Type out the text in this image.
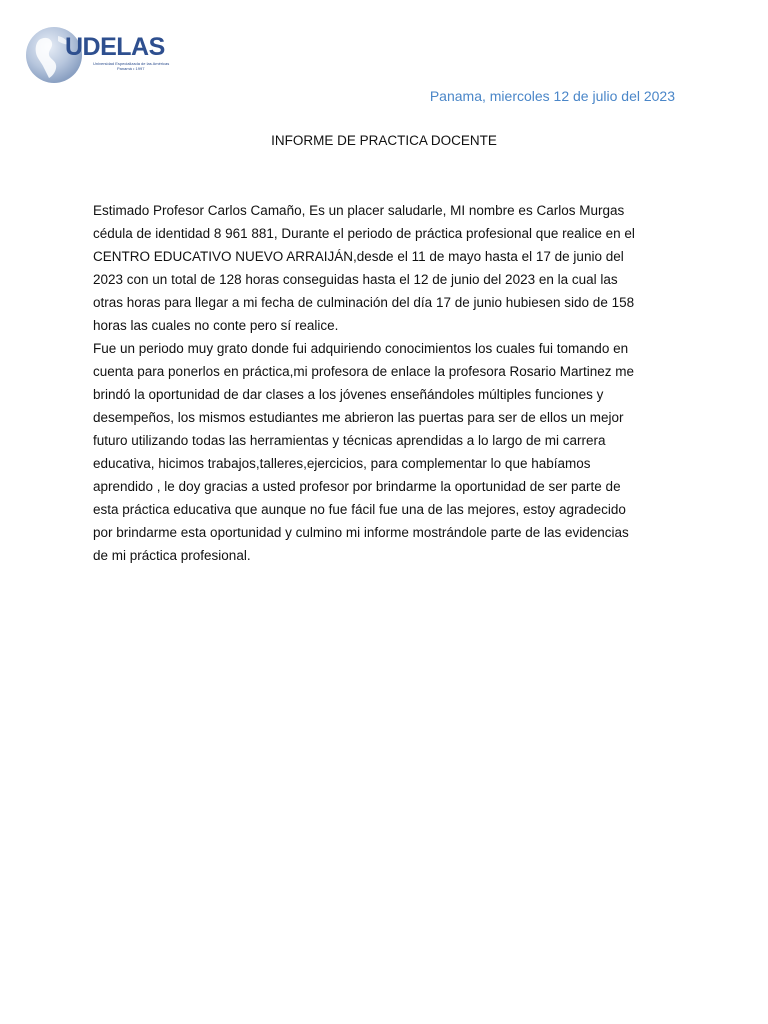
UDELAS
Universidad Especializada de las Américas
Panamá • 1997
Panama, miercoles 12 de julio del 2023
INFORME DE PRACTICA DOCENTE
Estimado Profesor Carlos Camaño, Es un placer saludarle, MI nombre es Carlos Murgas
cédula de identidad 8 961 881, Durante el periodo de práctica profesional que realice en el
CENTRO EDUCATIVO NUEVO ARRAIJÁN,desde el 11 de mayo hasta el 17 de junio del
2023 con un total de 128 horas conseguidas hasta el 12 de junio del 2023 en la cual las
otras horas para llegar a mi fecha de culminación del día 17 de junio hubiesen sido de 158
horas las cuales no conte pero sí realice.
Fue un periodo muy grato donde fui adquiriendo conocimientos los cuales fui tomando en
cuenta para ponerlos en práctica,mi profesora de enlace la profesora Rosario Martinez me
brindó la oportunidad de dar clases a los jóvenes enseñándoles múltiples funciones y
desempeños, los mismos estudiantes me abrieron las puertas para ser de ellos un mejor
futuro utilizando todas las herramientas y técnicas aprendidas a lo largo de mi carrera
educativa, hicimos trabajos,talleres,ejercicios, para complementar lo que habíamos
aprendido , le doy gracias a usted profesor por brindarme la oportunidad de ser parte de
esta práctica educativa que aunque no fue fácil fue una de las mejores, estoy agradecido
por brindarme esta oportunidad y culmino mi informe mostrándole parte de las evidencias
de mi práctica profesional.
